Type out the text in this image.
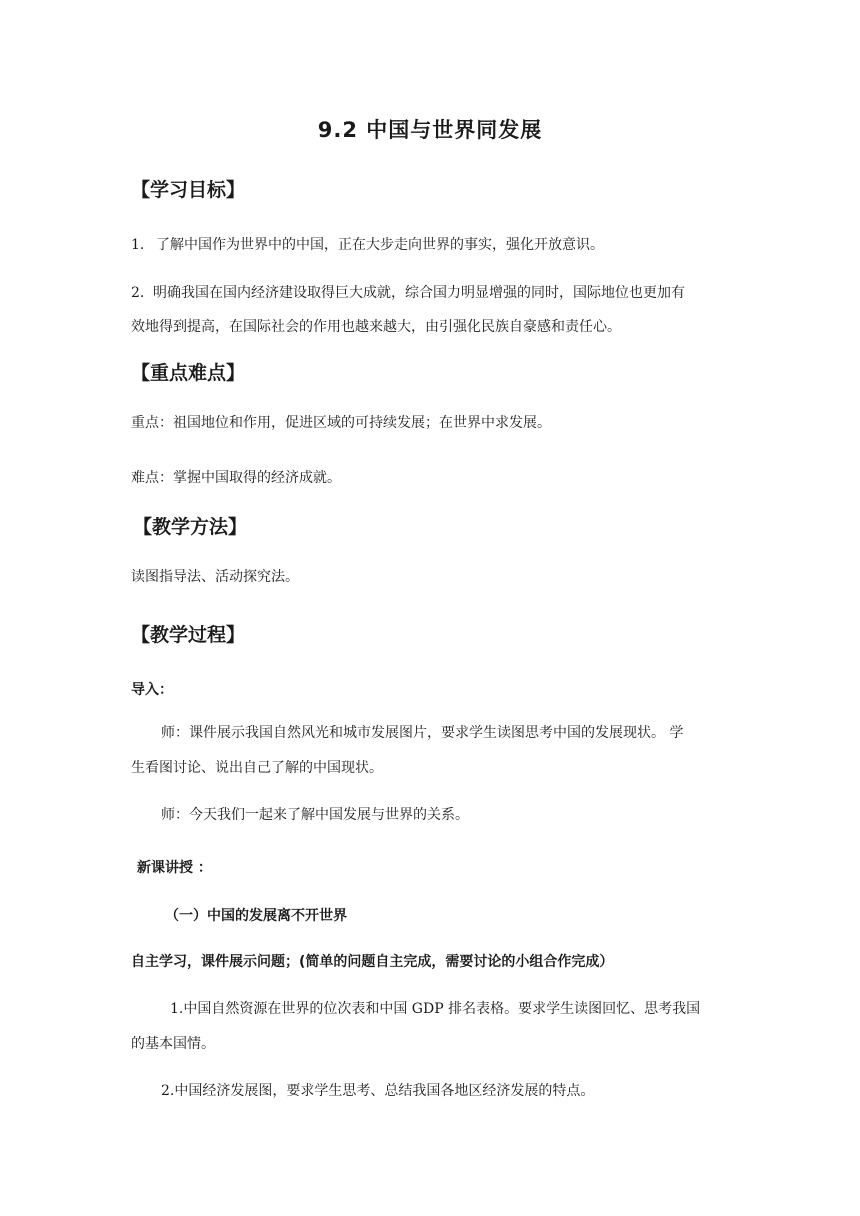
9.2 中国与世界同发展
【学习目标】
1. 了解中国作为世界中的中国，正在大步走向世界的事实，强化开放意识。
2. 明确我国在国内经济建设取得巨大成就，综合国力明显增强的同时，国际地位也更加有
效地得到提高，在国际社会的作用也越来越大，由引强化民族自豪感和责任心。
【重点难点】
重点：祖国地位和作用，促进区域的可持续发展；在世界中求发展。
难点：掌握中国取得的经济成就。
【教学方法】
读图指导法、活动探究法。
【教学过程】
导入：
师：课件展示我国自然风光和城市发展图片，要求学生读图思考中国的发展现状。 学
生看图讨论、说出自己了解的中国现状。
师：今天我们一起来了解中国发展与世界的关系。
新课讲授 ：
（一）中国的发展离不开世界
自主学习，课件展示问题；(简单的问题自主完成，需要讨论的小组合作完成）
1.中国自然资源在世界的位次表和中国 GDP 排名表格。要求学生读图回忆、思考我国
的基本国情。
2.中国经济发展图，要求学生思考、总结我国各地区经济发展的特点。
